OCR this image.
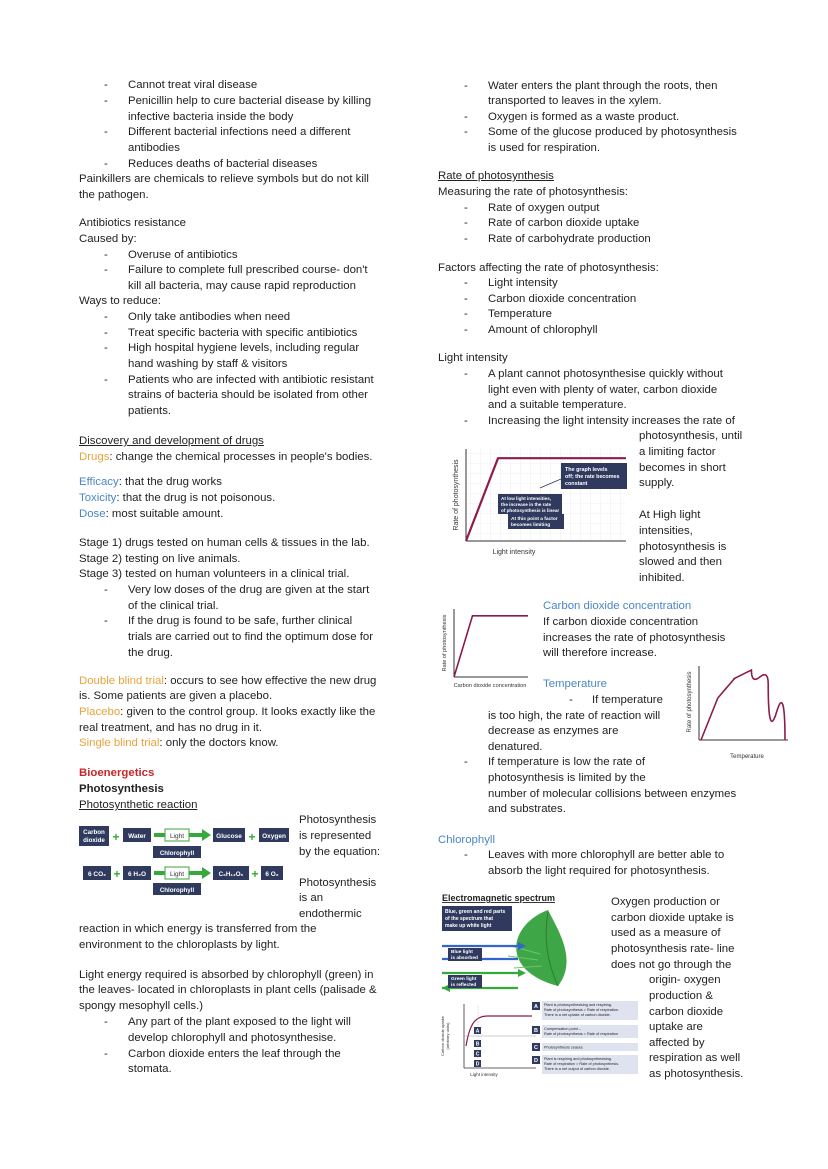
- Cannot treat viral disease
- Penicillin help to cure bacterial disease by killing
infective bacteria inside the body
- Different bacterial infections need a different
antibodies
- Reduces deaths of bacterial diseases
Painkillers are chemicals to relieve symbols but do not kill
the pathogen.
Antibiotics resistance
Caused by:
- Overuse of antibiotics
- Failure to complete full prescribed course- don't
kill all bacteria, may cause rapid reproduction
Ways to reduce:
- Only take antibodies when need
- Treat specific bacteria with specific antibiotics
- High hospital hygiene levels, including regular
hand washing by staff & visitors
- Patients who are infected with antibiotic resistant
strains of bacteria should be isolated from other
patients.
Discovery and development of drugs
Drugs: change the chemical processes in people's bodies.
Efficacy: that the drug works
Toxicity: that the drug is not poisonous.
Dose: most suitable amount.
Stage 1) drugs tested on human cells & tissues in the lab.
Stage 2) testing on live animals.
Stage 3) tested on human volunteers in a clinical trial.
- Very low doses of the drug are given at the start
of the clinical trial.
- If the drug is found to be safe, further clinical
trials are carried out to find the optimum dose for
the drug.
Double blind trial: occurs to see how effective the new drug
is. Some patients are given a placebo.
Placebo: given to the control group. It looks exactly like the
real treatment, and has no drug in it.
Single blind trial: only the doctors know.
Bioenergetics
Photosynthesis
Photosynthetic reaction
Photosynthesis
is represented
by the equation:
Photosynthesis
is an
endothermic
reaction in which energy is transferred from the
environment to the chloroplasts by light.
Light energy required is absorbed by chlorophyll (green) in
the leaves- located in chloroplasts in plant cells (palisade &
spongy mesophyll cells.)
- Any part of the plant exposed to the light will
develop chlorophyll and photosynthesise.
- Carbon dioxide enters the leaf through the
stomata.
- Water enters the plant through the roots, then
transported to leaves in the xylem.
- Oxygen is formed as a waste product.
- Some of the glucose produced by photosynthesis
is used for respiration.
Rate of photosynthesis
Measuring the rate of photosynthesis:
- Rate of oxygen output
- Rate of carbon dioxide uptake
- Rate of carbohydrate production
Factors affecting the rate of photosynthesis:
- Light intensity
- Carbon dioxide concentration
- Temperature
- Amount of chlorophyll
Light intensity
- A plant cannot photosynthesise quickly without
light even with plenty of water, carbon dioxide
and a suitable temperature.
- Increasing the light intensity increases the rate of
photosynthesis, until
a limiting factor
becomes in short
supply.
At High light
intensities,
photosynthesis is
slowed and then
inhibited.
Carbon dioxide concentration
If carbon dioxide concentration
increases the rate of photosynthesis
will therefore increase.
Temperature
- If temperature
is too high, the rate of reaction will
decrease as enzymes are
denatured.
- If temperature is low the rate of
photosynthesis is limited by the
number of molecular collisions between enzymes
and substrates.
Chlorophyll
- Leaves with more chlorophyll are better able to
absorb the light required for photosynthesis.
Oxygen production or
carbon dioxide uptake is
used as a measure of
photosynthesis rate- line
does not go through the
origin- oxygen
production &
carbon dioxide
uptake are
affected by
respiration as well
as photosynthesis.
Carbon
dioxide + Water	Light
Chlorophyll
Glucose + Oxygen
6 CO₂ + 6 H₂O	Light
Chlorophyll
C₆H₁₂O₆ + 6 O₂
Rate of photosynthesis
Light intensity
The graph levels
off; the rate becomes
constant
At low light intensities,
the increase in the rate
of photosynthesis is linear
At this point a factor
becomes limiting
Rate of photosynthesis
Carbon dioxide concentration	Rate of photosynthesis
Temperature
Electromagnetic spectrum
Blue, green and red parts
of the spectrum that
make up white light
Blue light
is absorbed
Green light
is reflected
Carbon dioxide uptake (arbitrary units)
Light intensity
A
B
C
D
A Plant is photosynthesising and respiring.
Rate of photosynthesis > Rate of respiration.
There is a net uptake of carbon dioxide.
B Compensation point –
Rate of photosynthesis = Rate of respiration
C Photosynthesis ceases
D Plant is respiring and photosynthesising.
Rate of respiration > Rate of photosynthesis.
There is a net output of carbon dioxide.
